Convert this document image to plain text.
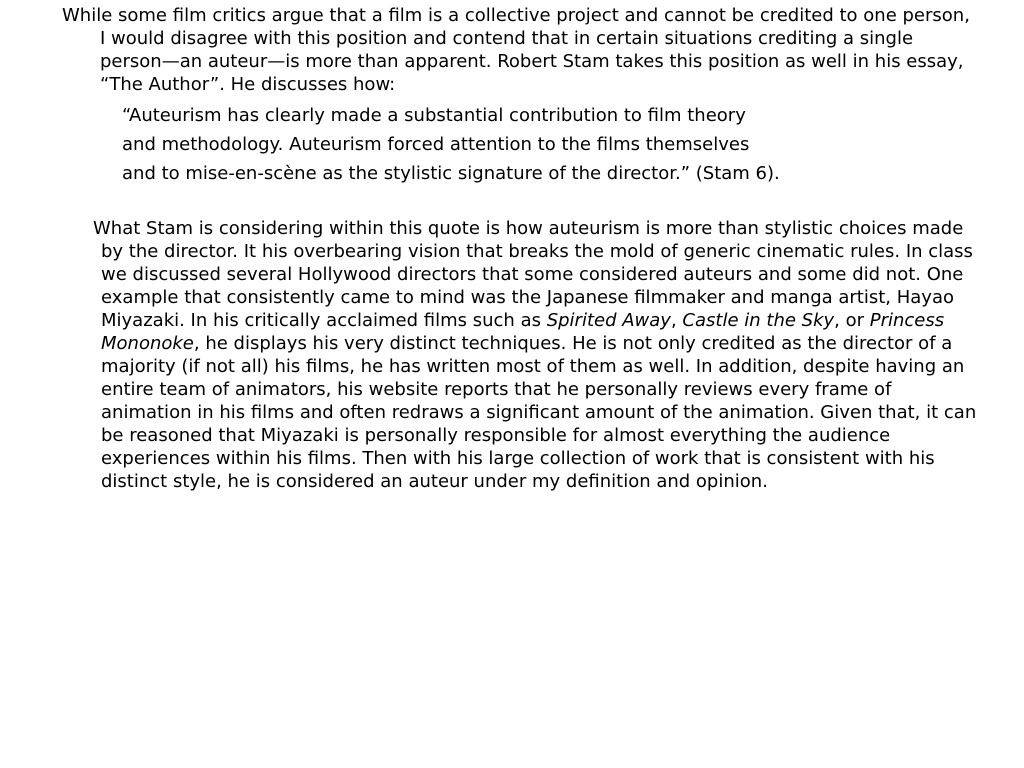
While some film critics argue that a film is a collective project and cannot be credited to one person, I would disagree with this position and contend that in certain situations crediting a single person—an auteur—is more than apparent. Robert Stam takes this position as well in his essay, “The Author”. He discusses how:

“Auteurism has clearly made a substantial contribution to film theory
and methodology. Auteurism forced attention to the films themselves
and to mise-en-scène as the stylistic signature of the director.” (Stam 6).

What Stam is considering within this quote is how auteurism is more than stylistic choices made by the director. It his overbearing vision that breaks the mold of generic cinematic rules. In class we discussed several Hollywood directors that some considered auteurs and some did not. One example that consistently came to mind was the Japanese filmmaker and manga artist, Hayao Miyazaki. In his critically acclaimed films such as Spirited Away, Castle in the Sky, or Princess Mononoke, he displays his very distinct techniques. He is not only credited as the director of a majority (if not all) his films, he has written most of them as well. In addition, despite having an entire team of animators, his website reports that he personally reviews every frame of animation in his films and often redraws a significant amount of the animation. Given that, it can be reasoned that Miyazaki is personally responsible for almost everything the audience experiences within his films. Then with his large collection of work that is consistent with his distinct style, he is considered an auteur under my definition and opinion.
